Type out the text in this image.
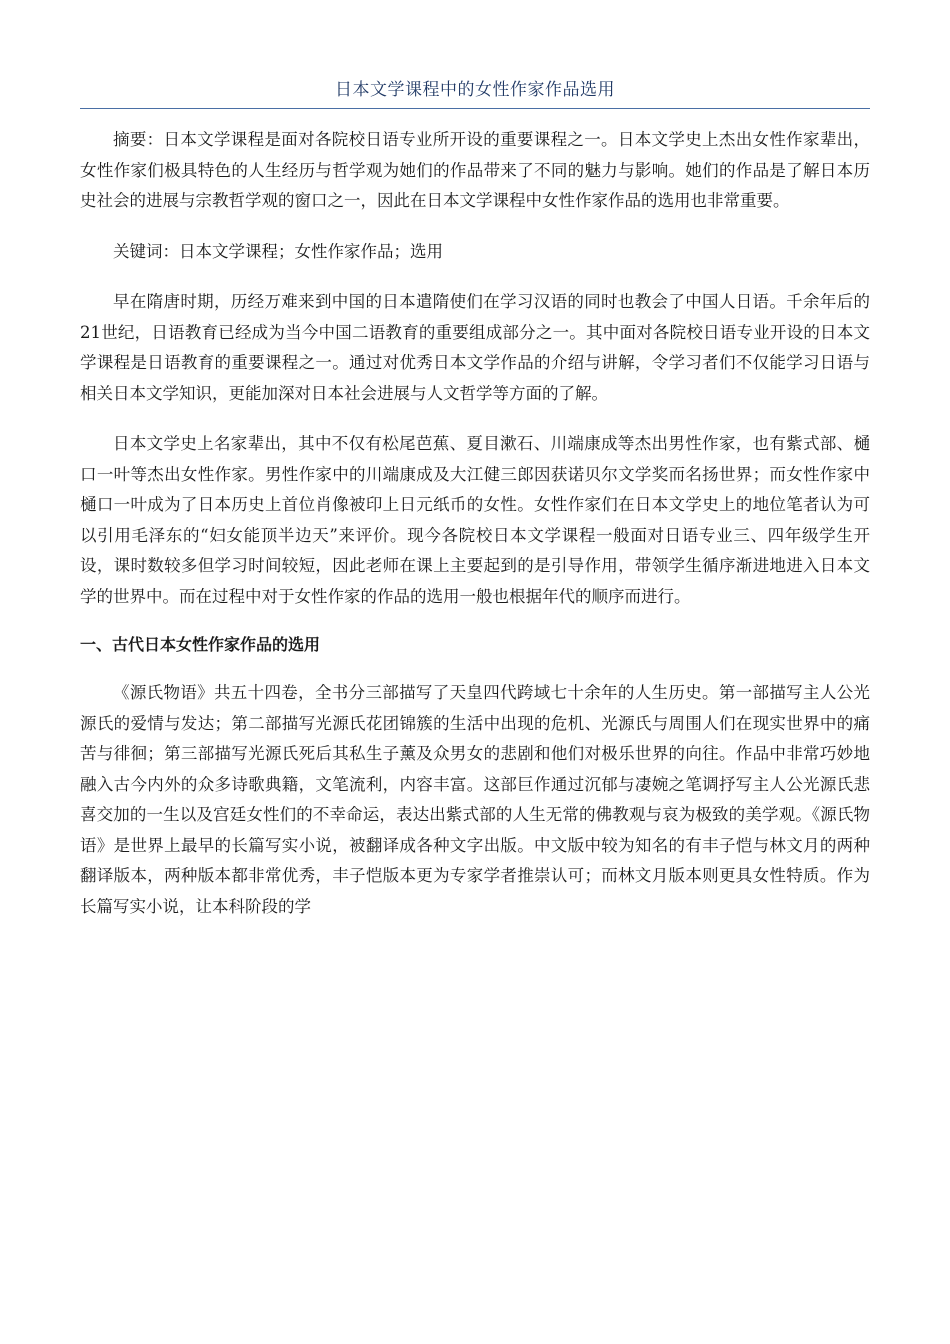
日本文学课程中的女性作家作品选用

摘要：日本文学课程是面对各院校日语专业所开设的重要课程之一。日本文学史上杰出女性作家辈出，女性作家们极具特色的人生经历与哲学观为她们的作品带来了不同的魅力与影响。她们的作品是了解日本历史社会的进展与宗教哲学观的窗口之一，因此在日本文学课程中女性作家作品的选用也非常重要。

关键词：日本文学课程；女性作家作品；选用

早在隋唐时期，历经万难来到中国的日本遣隋使们在学习汉语的同时也教会了中国人日语。千余年后的21世纪，日语教育已经成为当今中国二语教育的重要组成部分之一。其中面对各院校日语专业开设的日本文学课程是日语教育的重要课程之一。通过对优秀日本文学作品的介绍与讲解，令学习者们不仅能学习日语与相关日本文学知识，更能加深对日本社会进展与人文哲学等方面的了解。

日本文学史上名家辈出，其中不仅有松尾芭蕉、夏目漱石、川端康成等杰出男性作家，也有紫式部、樋口一叶等杰出女性作家。男性作家中的川端康成及大江健三郎因获诺贝尔文学奖而名扬世界；而女性作家中樋口一叶成为了日本历史上首位肖像被印上日元纸币的女性。女性作家们在日本文学史上的地位笔者认为可以引用毛泽东的“妇女能顶半边天”来评价。现今各院校日本文学课程一般面对日语专业三、四年级学生开设，课时数较多但学习时间较短，因此老师在课上主要起到的是引导作用，带领学生循序渐进地进入日本文学的世界中。而在过程中对于女性作家的作品的选用一般也根据年代的顺序而进行。

一、古代日本女性作家作品的选用

《源氏物语》共五十四卷，全书分三部描写了天皇四代跨域七十余年的人生历史。第一部描写主人公光源氏的爱情与发达；第二部描写光源氏花团锦簇的生活中出现的危机、光源氏与周围人们在现实世界中的痛苦与徘徊；第三部描写光源氏死后其私生子薰及众男女的悲剧和他们对极乐世界的向往。作品中非常巧妙地融入古今内外的众多诗歌典籍，文笔流利，内容丰富。这部巨作通过沉郁与凄婉之笔调抒写主人公光源氏悲喜交加的一生以及宫廷女性们的不幸命运，表达出紫式部的人生无常的佛教观与哀为极致的美学观。《源氏物语》是世界上最早的长篇写实小说，被翻译成各种文字出版。中文版中较为知名的有丰子恺与林文月的两种翻译版本，两种版本都非常优秀，丰子恺版本更为专家学者推崇认可；而林文月版本则更具女性特质。作为长篇写实小说，让本科阶段的学
